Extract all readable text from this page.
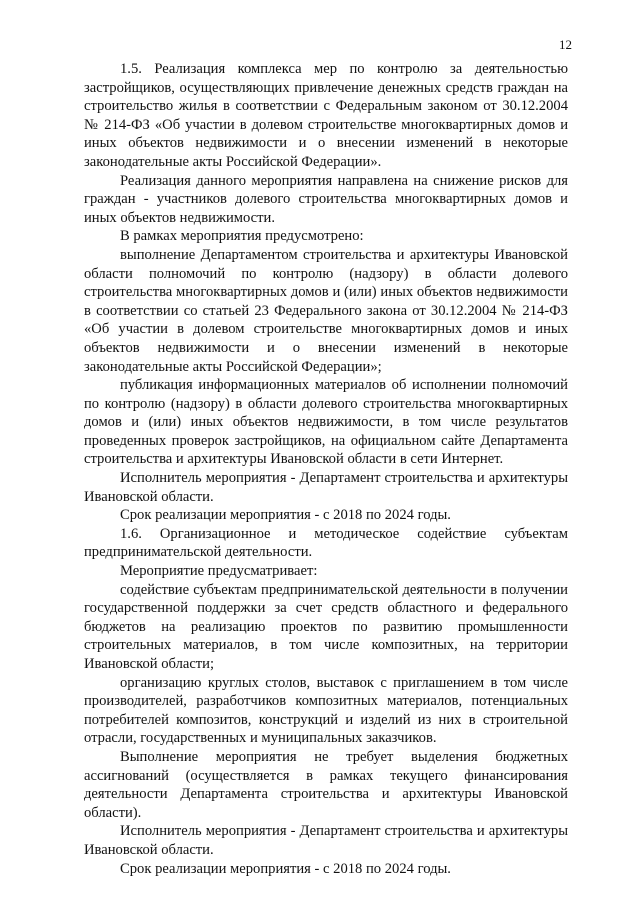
12

1.5. Реализация комплекса мер по контролю за деятельностью застройщиков, осуществляющих привлечение денежных средств граждан на строительство жилья в соответствии с Федеральным законом от 30.12.2004 № 214-ФЗ «Об участии в долевом строительстве многоквартирных домов и иных объектов недвижимости и о внесении изменений в некоторые законодательные акты Российской Федерации».

Реализация данного мероприятия направлена на снижение рисков для граждан - участников долевого строительства многоквартирных домов и иных объектов недвижимости.

В рамках мероприятия предусмотрено:

выполнение Департаментом строительства и архитектуры Ивановской области полномочий по контролю (надзору) в области долевого строительства многоквартирных домов и (или) иных объектов недвижимости в соответствии со статьей 23 Федерального закона от 30.12.2004 № 214-ФЗ «Об участии в долевом строительстве многоквартирных домов и иных объектов недвижимости и о внесении изменений в некоторые законодательные акты Российской Федерации»;

публикация информационных материалов об исполнении полномочий по контролю (надзору) в области долевого строительства многоквартирных домов и (или) иных объектов недвижимости, в том числе результатов проведенных проверок застройщиков, на официальном сайте Департамента строительства и архитектуры Ивановской области в сети Интернет.

Исполнитель мероприятия - Департамент строительства и архитектуры Ивановской области.

Срок реализации мероприятия - с 2018 по 2024 годы.

1.6. Организационное и методическое содействие субъектам предпринимательской деятельности.

Мероприятие предусматривает:

содействие субъектам предпринимательской деятельности в получении государственной поддержки за счет средств областного и федерального бюджетов на реализацию проектов по развитию промышленности строительных материалов, в том числе композитных, на территории Ивановской области;

организацию круглых столов, выставок с приглашением в том числе производителей, разработчиков композитных материалов, потенциальных потребителей композитов, конструкций и изделий из них в строительной отрасли, государственных и муниципальных заказчиков.

Выполнение мероприятия не требует выделения бюджетных ассигнований (осуществляется в рамках текущего финансирования деятельности Департамента строительства и архитектуры Ивановской области).

Исполнитель мероприятия - Департамент строительства и архитектуры Ивановской области.

Срок реализации мероприятия - с 2018 по 2024 годы.
